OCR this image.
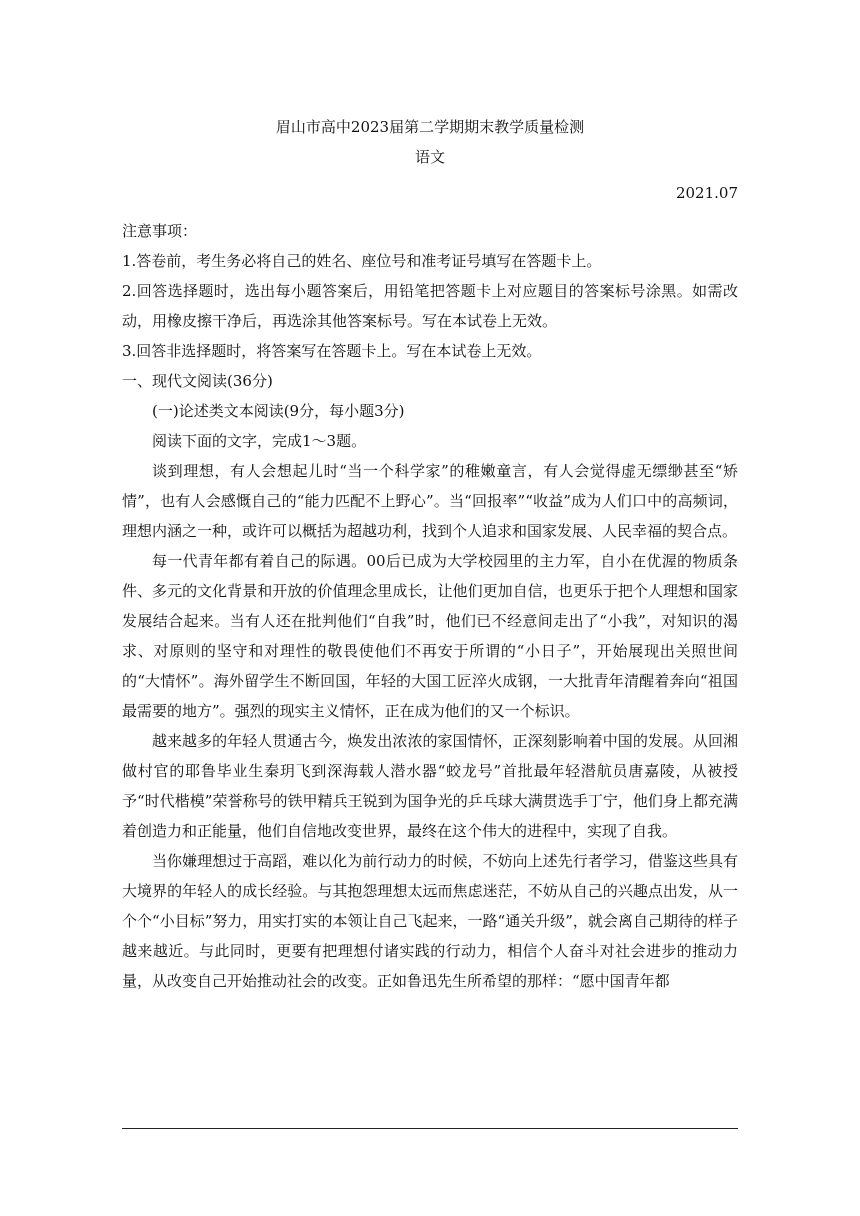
眉山市高中2023届第二学期期末教学质量检测
语文
2021.07
注意事项：
1.答卷前，考生务必将自己的姓名、座位号和准考证号填写在答题卡上。
2.回答选择题时，选出每小题答案后，用铅笔把答题卡上对应题目的答案标号涂黑。如需改动，用橡皮擦干净后，再选涂其他答案标号。写在本试卷上无效。
3.回答非选择题时，将答案写在答题卡上。写在本试卷上无效。
一、现代文阅读(36分)
(一)论述类文本阅读(9分，每小题3分)
阅读下面的文字，完成1～3题。

谈到理想，有人会想起儿时“当一个科学家”的稚嫩童言，有人会觉得虚无缥缈甚至“矫情”，也有人会感慨自己的“能力匹配不上野心”。当“回报率”“收益”成为人们口中的高频词，理想内涵之一种，或许可以概括为超越功利，找到个人追求和国家发展、人民幸福的契合点。

每一代青年都有着自己的际遇。00后已成为大学校园里的主力军，自小在优渥的物质条件、多元的文化背景和开放的价值理念里成长，让他们更加自信，也更乐于把个人理想和国家发展结合起来。当有人还在批判他们“自我”时，他们已不经意间走出了“小我”，对知识的渴求、对原则的坚守和对理性的敬畏使他们不再安于所谓的“小日子”，开始展现出关照世间的“大情怀”。海外留学生不断回国，年轻的大国工匠淬火成钢，一大批青年清醒着奔向“祖国最需要的地方”。强烈的现实主义情怀，正在成为他们的又一个标识。

越来越多的年轻人贯通古今，焕发出浓浓的家国情怀，正深刻影响着中国的发展。从回湘做村官的耶鲁毕业生秦玥飞到深海载人潜水器“蛟龙号”首批最年轻潜航员唐嘉陵，从被授予“时代楷模”荣誉称号的铁甲精兵王锐到为国争光的乒乓球大满贯选手丁宁，他们身上都充满着创造力和正能量，他们自信地改变世界，最终在这个伟大的进程中，实现了自我。

当你嫌理想过于高蹈，难以化为前行动力的时候，不妨向上述先行者学习，借鉴这些具有大境界的年轻人的成长经验。与其抱怨理想太远而焦虑迷茫，不妨从自己的兴趣点出发，从一个个“小目标”努力，用实打实的本领让自己飞起来，一路“通关升级”，就会离自己期待的样子越来越近。与此同时，更要有把理想付诸实践的行动力，相信个人奋斗对社会进步的推动力量，从改变自己开始推动社会的改变。正如鲁迅先生所希望的那样：“愿中国青年都
